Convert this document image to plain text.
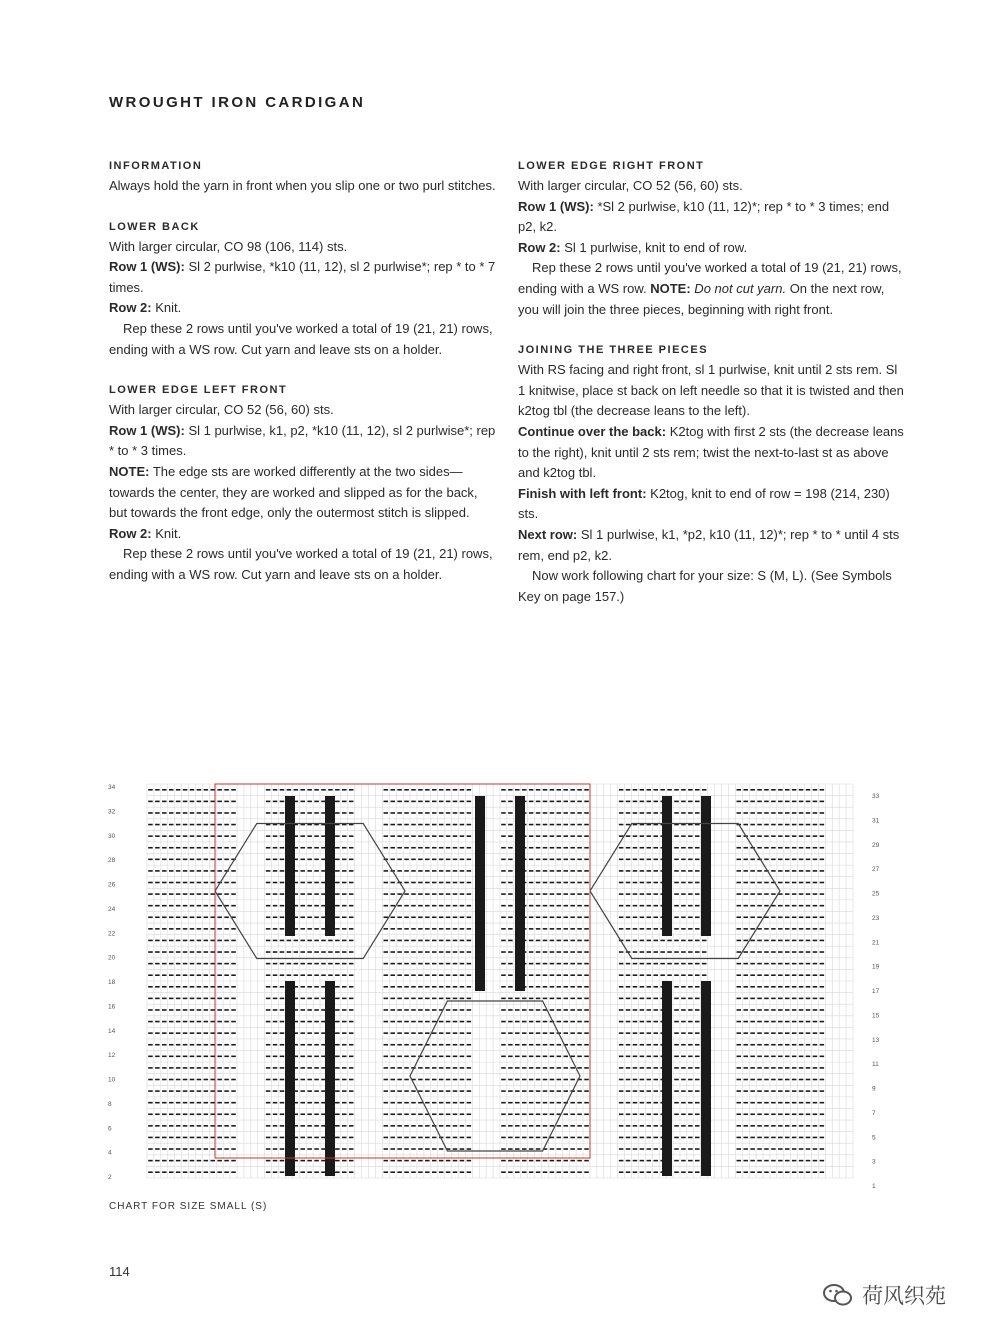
WROUGHT IRON CARDIGAN
INFORMATION

Always hold the yarn in front when you slip one or two purl stitches.

LOWER BACK

With larger circular, CO 98 (106, 114) sts.

Row 1 (WS): Sl 2 purlwise, *k10 (11, 12), sl 2 purlwise*; rep * to * 7 times.

Row 2: Knit.

Rep these 2 rows until you've worked a total of 19 (21, 21) rows, ending with a WS row. Cut yarn and leave sts on a holder.

LOWER EDGE LEFT FRONT

With larger circular, CO 52 (56, 60) sts.

Row 1 (WS): Sl 1 purlwise, k1, p2, *k10 (11, 12), sl 2 purlwise*; rep * to * 3 times.

NOTE: The edge sts are worked differently at the two sides—towards the center, they are worked and slipped as for the back, but towards the front edge, only the outermost stitch is slipped.

Row 2: Knit.

Rep these 2 rows until you've worked a total of 19 (21, 21) rows, ending with a WS row. Cut yarn and leave sts on a holder.

LOWER EDGE RIGHT FRONT

With larger circular, CO 52 (56, 60) sts.

Row 1 (WS): *Sl 2 purlwise, k10 (11, 12)*; rep * to * 3 times; end p2, k2.

Row 2: Sl 1 purlwise, knit to end of row.

Rep these 2 rows until you've worked a total of 19 (21, 21) rows, ending with a WS row. NOTE: Do not cut yarn. On the next row, you will join the three pieces, beginning with right front.

JOINING THE THREE PIECES

With RS facing and right front, sl 1 purlwise, knit until 2 sts rem. Sl 1 knitwise, place st back on left needle so that it is twisted and then k2tog tbl (the decrease leans to the left).

Continue over the back: K2tog with first 2 sts (the decrease leans to the right), knit until 2 sts rem; twist the next-to-last st as above and k2tog tbl.

Finish with left front: K2tog, knit to end of row = 198 (214, 230) sts.

Next row: Sl 1 purlwise, k1, *p2, k10 (11, 12)*; rep * to * until 4 sts rem, end p2, k2.

Now work following chart for your size: S (M, L). (See Symbols Key on page 157.)

34
32
30
28
26
24
22
20
18
16
14
12
10
8
6
4
2
33
31
29
27
25
23
21
19
17
15
13
11
9
7
5
3
1
CHART FOR SIZE SMALL (S)
114
荷风织苑
